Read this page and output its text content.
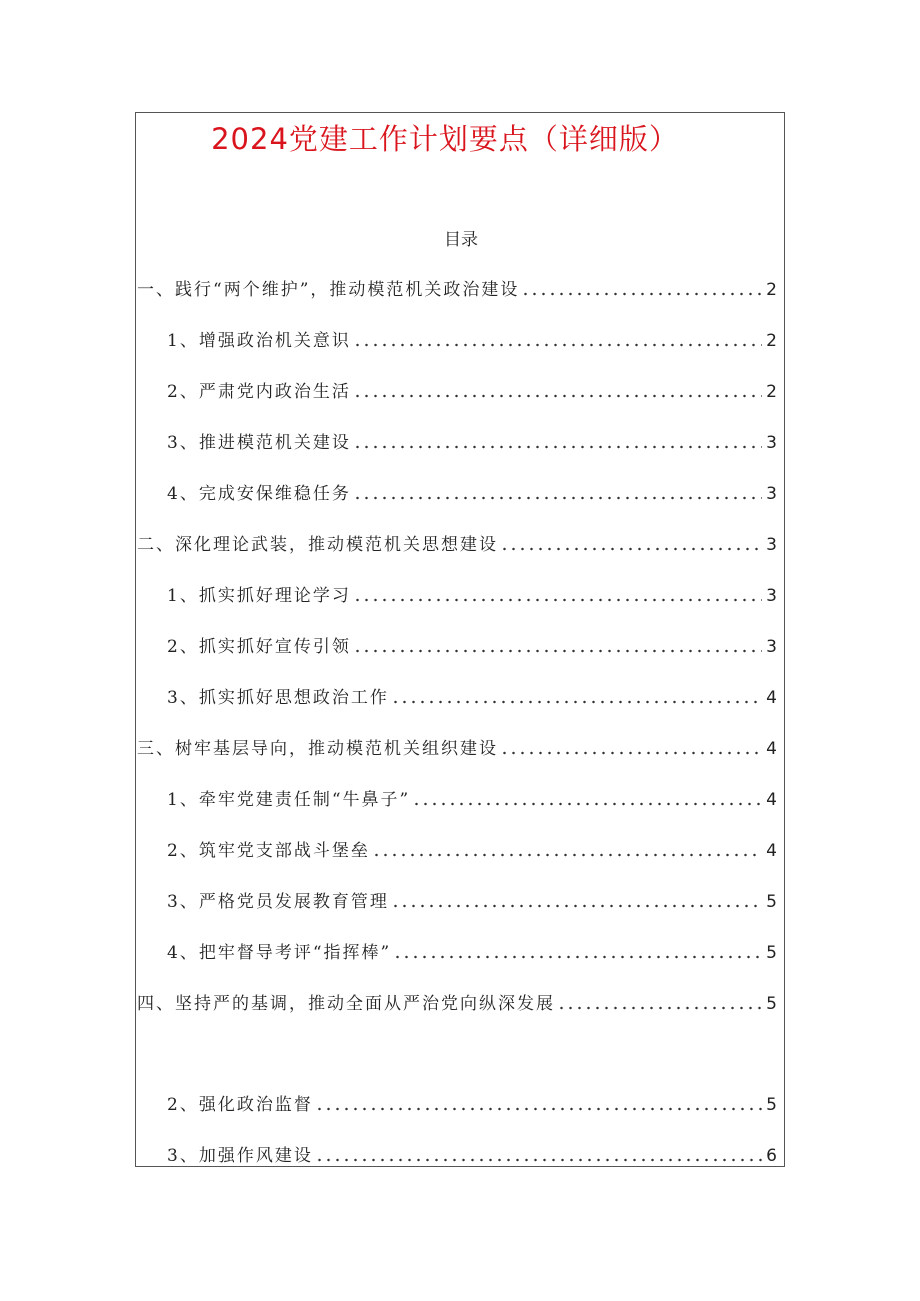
2024党建工作计划要点（详细版）
目录
一、践行“两个维护”，推动模范机关政治建设	2
1、增强政治机关意识	2
2、严肃党内政治生活	2
3、推进模范机关建设	3
4、完成安保维稳任务	3
二、深化理论武装，推动模范机关思想建设	3
1、抓实抓好理论学习	3
2、抓实抓好宣传引领	3
3、抓实抓好思想政治工作	4
三、树牢基层导向，推动模范机关组织建设	4
1、牵牢党建责任制“牛鼻子”	4
2、筑牢党支部战斗堡垒	4
3、严格党员发展教育管理	5
4、把牢督导考评“指挥棒”	5
四、坚持严的基调，推动全面从严治党向纵深发展	5
2、强化政治监督	5
3、加强作风建设	6
